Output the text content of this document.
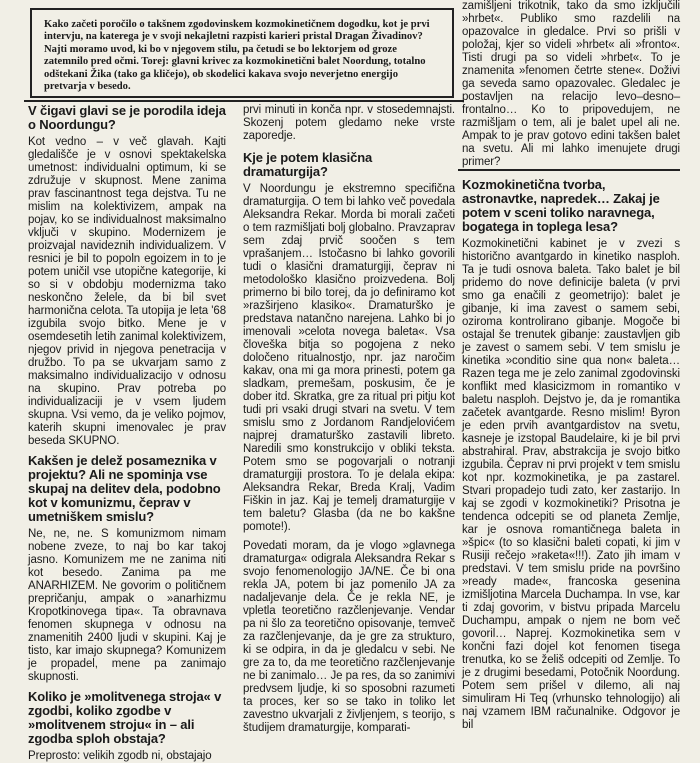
Kako začeti poročilo o takšnem zgodovinskem kozmokinetičnem dogodku, kot je prvi intervju, na katerega je v svoji nekajletni razpisti karieri pristal Dragan Živadinov? Najti moramo uvod, ki bo v njegovem stilu, pa četudi se bo lektorjem od groze zatemnilo pred očmi. Torej: glavni krivec za kozmokinetični balet Noordung, totalno odštekani Žika (tako ga kličejo), ob skodelici kakava svojo neverjetno energijo pretvarja v besedo.

V čigavi glavi se je porodila ideja o Noordungu?

Kot vedno – v več glavah. Kajti gledališče je v osnovi spektakelska umetnost: individualni optimum, ki se združuje v skupnost. Mene zanima prav fascinantnost tega dejstva. Tu ne mislim na kolektivizem, ampak na pojav, ko se individualnost maksimalno vključi v skupino. Modernizem je proizvajal navideznih individualizem. V resnici je bil to popoln egoizem in to je potem uničil vse utopične kategorije, ki so si v obdobju modernizma tako neskončno želele, da bi bil svet harmonična celota. Ta utopija je leta '68 izgubila svojo bitko. Mene je v osemdesetih letih zanimal kolektivizem, njegov privid in njegova penetracija v družbo. To pa se ukvarjam samo z maksimalno individualizacijo v odnosu na skupino. Prav potreba po individualizaciji je v vsem ljudem skupna. Vsi vemo, da je veliko pojmov, katerih skupni imenovalec je prav beseda SKUPNO.

Kakšen je delež posameznika v projektu? Ali ne spominja vse skupaj na delitev dela, podobno kot v komunizmu, čeprav v umetniškem smislu?

Ne, ne, ne. S komunizmom nimam nobene zveze, to naj bo kar takoj jasno. Komunizem me ne zanima niti kot besedo. Zanima pa me ANARHIZEM. Ne govorim o političnem prepričanju, ampak o »anarhizmu Kropotkinovega tipa«. Ta obravnava fenomen skupnega v odnosu na znamenitih 2400 ljudi v skupini. Kaj je tisto, kar imajo skupnega? Komunizem je propadel, mene pa zanimajo skupnosti.

Koliko je »molitvenega stroja« v zgodbi, koliko zgodbe v »molitvenem stroju« in – ali zgodba sploh obstaja?

Preprosto: velikih zgodb ni, obstajajo

prvi minuti in konča npr. v stosedemnajsti. Skozenj potem gledamo neke vrste zaporedje.

Kje je potem klasična dramaturgija?

V Noordungu je ekstremno specifična dramaturgija. O tem bi lahko več povedala Aleksandra Rekar. Morda bi morali začeti o tem razmišljati bolj globalno. Pravzaprav sem zdaj prvič soočen s tem vprašanjem… Istočasno bi lahko govorili tudi o klasični dramaturgiji, čeprav ni metodološko klasično proizvedena. Bolj primerno bi bilo torej, da jo definiramo kot »razširjeno klasiko«. Dramaturško je predstava natančno narejena. Lahko bi jo imenovali »celota novega baleta«. Vsa človeška bitja so pogojena z neko določeno ritualnostjo, npr. jaz naročim kakav, ona mi ga mora prinesti, potem ga sladkam, premešam, poskusim, če je dober itd. Skratka, gre za ritual pri pitju kot tudi pri vsaki drugi stvari na svetu. V tem smislu smo z Jordanom Randjelovićem najprej dramaturško zastavili libreto. Naredili smo konstrukcijo v obliki tekstа. Potem smo se pogovarjali o notranji dramaturgiji prostora. To je delala ekipa: Aleksandra Rekar, Breda Kralj, Vadim Fiškin in jaz. Kaj je temelj dramaturgije v tem baletu? Glasba (da ne bo kakšne pomote!).

Povedati moram, da je vlogo »glavnega dramaturga« odigrala Aleksandra Rekar s svojo fenomenologijo JA/NE. Če bi ona rekla JA, potem bi jaz pomenilo JA za nadaljevanje dela. Če je rekla NE, je vpletla teoretično razčlenjevanje. Vendar pa ni šlo za teoretično opisovanje, temveč za razčlenjevanje, da je gre za strukturo, ki se odpira, in da je gledalcu v sebi. Ne gre za to, da me teoretično razčlenjevanje ne bi zanimalo… Je pa res, da so zanimivi predvsem ljudje, ki so sposobni razumeti ta proces, ker so se tako in toliko let zavestno ukvarjali z življenjem, s teorijo, s študijem dramaturgije, komparati-

zamišljeni trikotnik, tako da smo izključili »hrbet«. Publiko smo razdelili na opazovalce in gledalce. Prvi so prišli v položaj, kjer so videli »hrbet« ali »fronto«. Tisti drugi pa so videli »hrbet«. To je znamenita »fenomen četrte stene«. Doživi ga seveda samo opazovalec. Gledalec je postavljen na relacijo levo–desno–frontalno… Ko to pripovedujem, ne razmišljam o tem, ali je balet upel ali ne. Ampak to je prav gotovo edini takšen balet na svetu. Ali mi lahko imenujete drugi primer?

Kozmokinetična tvorba, astronavtke, napredek… Zakaj je potem v sceni toliko naravnega, bogatega in toplega lesa?

Kozmokinetični kabinet je v zvezi s historično avantgardo in kinetiko nasploh. Ta je tudi osnova baleta. Tako balet je bil pridemo do nove definicije baleta (v prvi smo ga enačili z geometrijo): balet je gibanje, ki ima zavest o samem sebi, oziroma kontrolirano gibanje. Mogoče bi ostajal še trenutek gibanje: zaustavljen gib je zavest o samem sebi. V tem smislu je kinetika »conditio sine qua non« baleta… Razen tega me je zelo zanimal zgodovinski konflikt med klasicizmom in romantiko v baletu nasploh. Dejstvo je, da je romantika začetek avantgarde. Resno mislim! Byron je eden prvih avantgardistov na svetu, kasneje je izstopal Baudelaire, ki je bil prvi abstrahiral. Prav, abstrakcija je svojo bitko izgubila. Čeprav ni prvi projekt v tem smislu kot npr. kozmokinetika, je pa zastarel. Stvari propadejo tudi zato, ker zastarijo. In kaj se zgodi v kozmokinetiki? Prisotna je tendenca odcepiti se od planeta Zemlje, kar je osnova romantičnega baleta in »špic« (to so klasični baleti copati, ki jim v Rusiji rečejo »raketa«!!!). Zato jih imam v predstavi. V tem smislu pride na površino »ready made«, francoska gesenina izmišljotina Marcela Duchampa. In vse, kar ti zdaj govorim, v bistvu pripada Marcelu Duchampu, ampak o njem ne bom več govoril… Naprej. Kozmokinetika sem v končni fazi dojel kot fenomen tisega trenutka, ko se želiš odcepiti od Zemlje. To je z drugimi besedami, Potočnik Noordung. Potem sem prišel v dilemo, ali naj simuliram Hi Teq (vrhunsko tehnologijo) ali naj vzamem IBM računalnike. Odgovor je bil
